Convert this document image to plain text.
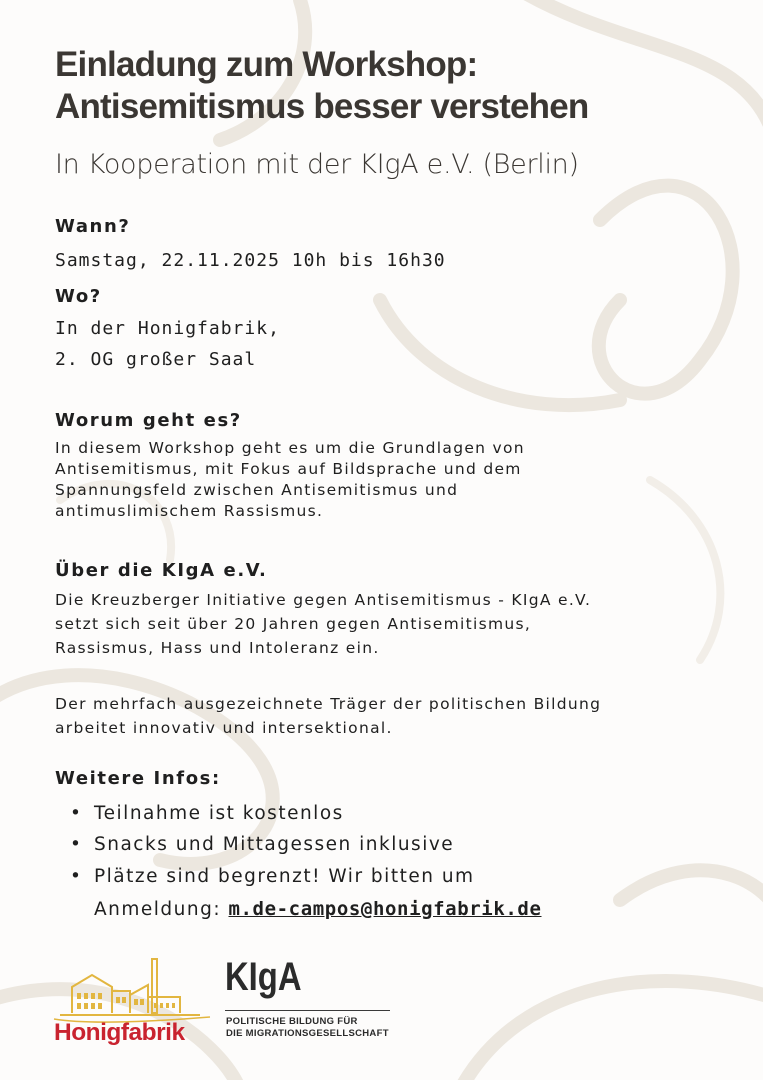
Einladung zum Workshop:
Antisemitismus besser verstehen
In Kooperation mit der KIgA e.V. (Berlin)
Wann?
Samstag, 22.11.2025 10h bis 16h30
Wo?
In der Honigfabrik,
2. OG großer Saal
Worum geht es?
In diesem Workshop geht es um die Grundlagen von
Antisemitismus, mit Fokus auf Bildsprache und dem
Spannungsfeld zwischen Antisemitismus und
antimuslimischem Rassismus.
Über die KIgA e.V.
Die Kreuzberger Initiative gegen Antisemitismus - KIgA e.V.
setzt sich seit über 20 Jahren gegen Antisemitismus,
Rassismus, Hass und Intoleranz ein.
Der mehrfach ausgezeichnete Träger der politischen Bildung
arbeitet innovativ und intersektional.
Weitere Infos:
• Teilnahme ist kostenlos
• Snacks und Mittagessen inklusive
• Plätze sind begrenzt! Wir bitten um
Anmeldung: m.de-campos@honigfabrik.de
Honigfabrik
KIgA
POLITISCHE BILDUNG FÜR
DIE MIGRATIONSGESELLSCHAFT
